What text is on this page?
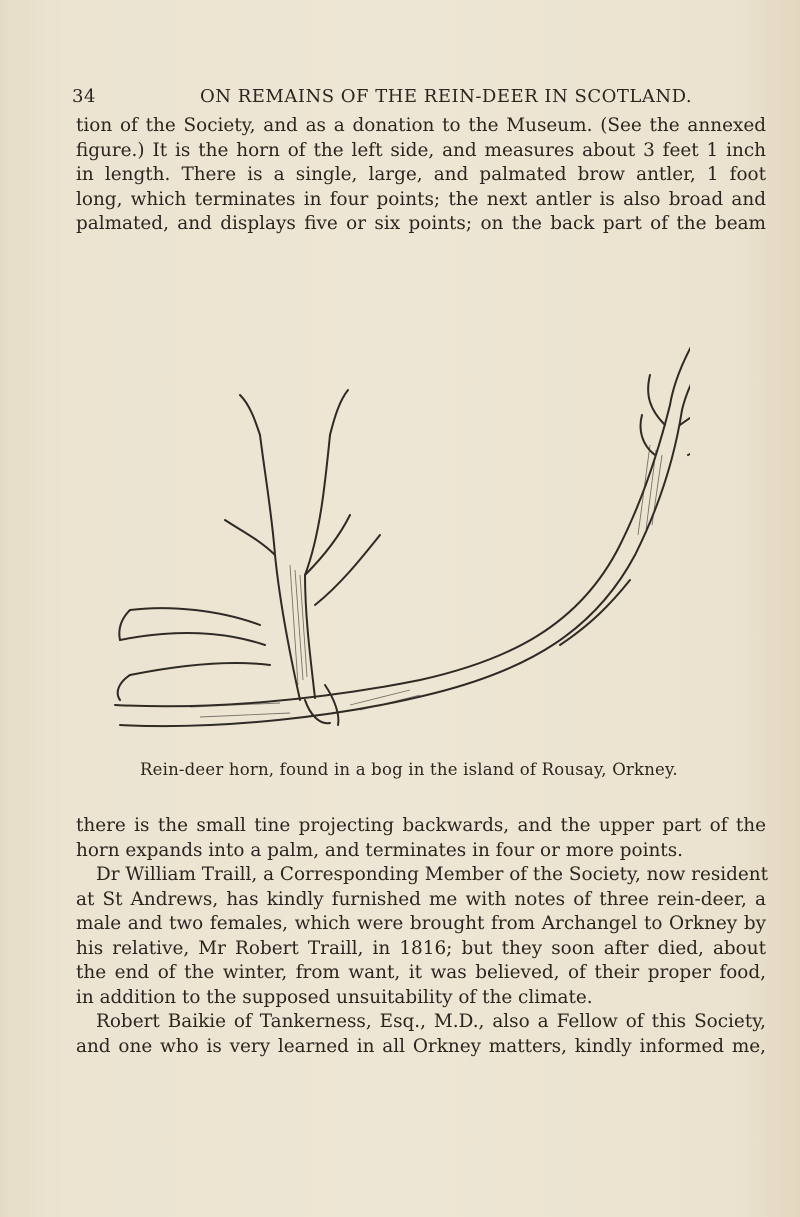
34	ON REMAINS OF THE REIN-DEER IN SCOTLAND.
tion of the Society, and as a donation to the Museum. (See the annexed
figure.) It is the horn of the left side, and measures about 3 feet 1 inch
in length. There is a single, large, and palmated brow antler, 1 foot
long, which terminates in four points; the next antler is also broad and
palmated, and displays five or six points; on the back part of the beam
Rein-deer horn, found in a bog in the island of Rousay, Orkney.
there is the small tine projecting backwards, and the upper part of the
horn expands into a palm, and terminates in four or more points.
Dr William Traill, a Corresponding Member of the Society, now resident
at St Andrews, has kindly furnished me with notes of three rein-deer, a
male and two females, which were brought from Archangel to Orkney by
his relative, Mr Robert Traill, in 1816; but they soon after died, about
the end of the winter, from want, it was believed, of their proper food,
in addition to the supposed unsuitability of the climate.
Robert Baikie of Tankerness, Esq., M.D., also a Fellow of this Society,
and one who is very learned in all Orkney matters, kindly informed me,
